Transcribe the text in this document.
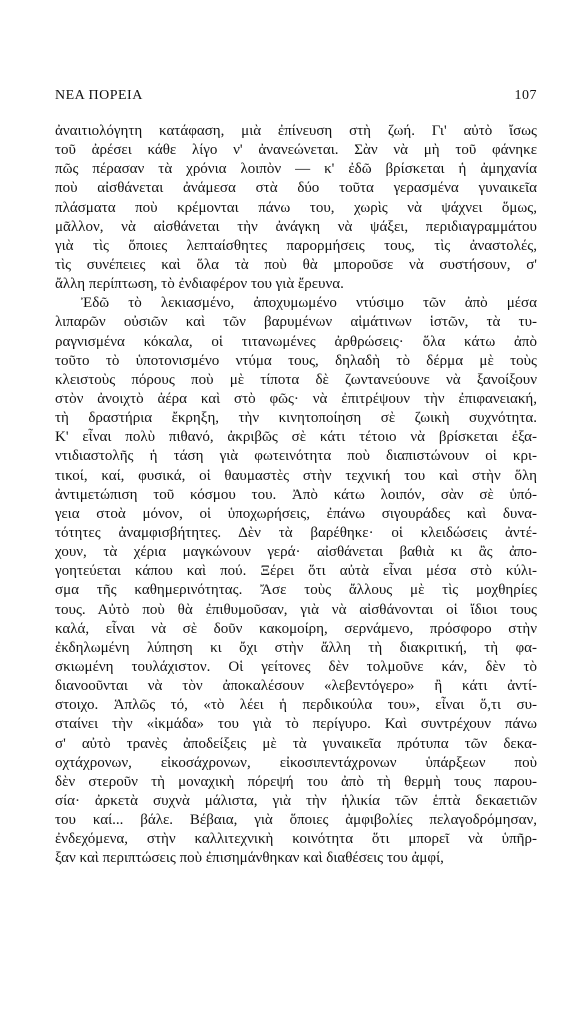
ΝΕΑ ΠΟΡΕΙΑ	107
ἀναιτιολόγητη κατάφαση, μιὰ ἐπίνευση στὴ ζωή. Γι' αὐτὸ ἴσως
τοῦ ἀρέσει κάθε λίγο ν' ἀνανεώνεται. Σὰν νὰ μὴ τοῦ φάνηκε
πῶς πέρασαν τὰ χρόνια λοιπὸν — κ' ἐδῶ βρίσκεται ἡ ἀμηχανία
ποὺ αἰσθάνεται ἀνάμεσα στὰ δύο τοῦτα γερασμένα γυναικεῖα
πλάσματα ποὺ κρέμονται πάνω του, χωρὶς νὰ ψάχνει ὅμως,
μᾶλλον, νὰ αἰσθάνεται τὴν ἀνάγκη νὰ ψάξει, περιδιαγραμμάτου
γιὰ τὶς ὅποιες λεπταίσθητες παρορμήσεις τους, τὶς ἀναστολές,
τὶς συνέπειες καὶ ὅλα τὰ ποὺ θὰ μποροῦσε νὰ συστήσουν, σ'
ἄλλη περίπτωση, τὸ ἐνδιαφέρον του γιὰ ἔρευνα.
Ἐδῶ τὸ λεκιασμένο, ἀποχυμωμένο ντύσιμο τῶν ἀπὸ μέσα
λιπαρῶν οὐσιῶν καὶ τῶν βαρυμένων αἱμάτινων ἱστῶν, τὰ τυ-
ραγνισμένα κόκαλα, οἱ τιτανωμένες ἀρθρώσεις· ὅλα κάτω ἀπὸ
τοῦτο τὸ ὑποτονισμένο ντύμα τους, δηλαδὴ τὸ δέρμα μὲ τοὺς
κλειστοὺς πόρους ποὺ μὲ τίποτα δὲ ζωντανεύουνε νὰ ξανοίξουν
στὸν ἀνοιχτὸ ἀέρα καὶ στὸ φῶς· νὰ ἐπιτρέψουν τὴν ἐπιφανειακή,
τὴ δραστήρια ἔκρηξη, τὴν κινητοποίηση σὲ ζωικὴ συχνότητα.
Κ' εἶναι πολὺ πιθανό, ἀκριβῶς σὲ κάτι τέτοιο νὰ βρίσκεται ἐξα-
ντιδιαστολῆς ἡ τάση γιὰ φωτεινότητα ποὺ διαπιστώνουν οἱ κρι-
τικοί, καί, φυσικά, οἱ θαυμαστὲς στὴν τεχνική του καὶ στὴν ὅλη
ἀντιμετώπιση τοῦ κόσμου του. Ἀπὸ κάτω λοιπόν, σὰν σὲ ὑπό-
γεια στοὰ μόνον, οἱ ὑποχωρήσεις, ἐπάνω σιγουράδες καὶ δυνα-
τότητες ἀναμφισβήτητες. Δὲν τὰ βαρέθηκε· οἱ κλειδώσεις ἀντέ-
χουν, τὰ χέρια μαγκώνουν γερά· αἰσθάνεται βαθιὰ κι ἂς ἀπο-
γοητεύεται κάπου καὶ πού. Ξέρει ὅτι αὐτὰ εἶναι μέσα στὸ κύλι-
σμα τῆς καθημερινότητας. Ἄσε τοὺς ἄλλους μὲ τὶς μοχθηρίες
τους. Αὐτὸ ποὺ θὰ ἐπιθυμοῦσαν, γιὰ νὰ αἰσθάνονται οἱ ἴδιοι τους
καλά, εἶναι νὰ σὲ δοῦν κακομοίρη, σερνάμενο, πρόσφορο στὴν
ἐκδηλωμένη λύπηση κι ὄχι στὴν ἄλλη τὴ διακριτική, τὴ φα-
σκιωμένη τουλάχιστον. Οἱ γείτονες δὲν τολμοῦνε κάν, δὲν τὸ
διανοοῦνται νὰ τὸν ἀποκαλέσουν «λεβεντόγερο» ἢ κάτι ἀντί-
στοιχο. Ἁπλῶς τό, «τὸ λέει ἡ περδικούλα του», εἶναι ὅ,τι συ-
σταίνει τὴν «ἰκμάδα» του γιὰ τὸ περίγυρο. Καὶ συντρέχουν πάνω
σ' αὐτὸ τρανὲς ἀποδείξεις μὲ τὰ γυναικεῖα πρότυπα τῶν δεκα-
οχτάχρονων, εἰκοσάχρονων, εἰκοσιπεντάχρονων ὑπάρξεων ποὺ
δὲν στεροῦν τὴ μοναχικὴ πόρεψή του ἀπὸ τὴ θερμὴ τους παρου-
σία· ἀρκετὰ συχνὰ μάλιστα, γιὰ τὴν ἡλικία τῶν ἑπτὰ δεκαετιῶν
του καί... βάλε. Βέβαια, γιὰ ὅποιες ἀμφιβολίες πελαγοδρόμησαν,
ἐνδεχόμενα, στὴν καλλιτεχνικὴ κοινότητα ὅτι μπορεῖ νὰ ὑπῆρ-
ξαν καὶ περιπτώσεις ποὺ ἐπισημάνθηκαν καὶ διαθέσεις του ἀμφί,
